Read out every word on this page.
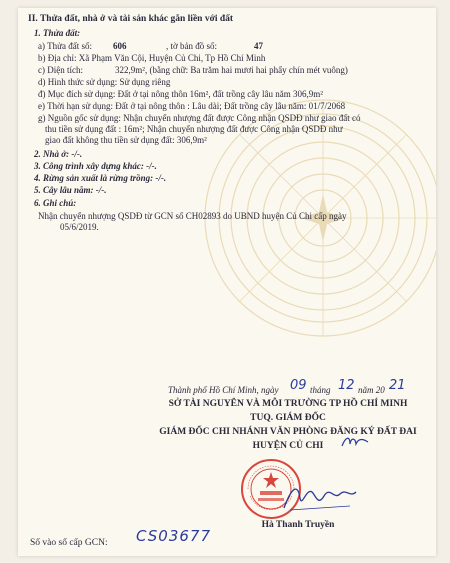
II. Thửa đất, nhà ở và tài sản khác gắn liền với đất
1. Thửa đất:
a) Thửa đất số: 606	, tờ bản đồ số:	47
b) Địa chỉ: Xã Phạm Văn Cội, Huyện Củ Chi, Tp Hồ Chí Minh
c) Diện tích:	322,9m², (bằng chữ: Ba trăm hai mươi hai phẩy chín mét vuông)
d) Hình thức sử dụng: Sử dụng riêng
đ) Mục đích sử dụng: Đất ở tại nông thôn 16m², đất trồng cây lâu năm 306,9m²
e) Thời hạn sử dụng: Đất ở tại nông thôn : Lâu dài; Đất trồng cây lâu năm: 01/7/2068
g) Nguồn gốc sử dụng: Nhận chuyển nhượng đất được Công nhận QSDĐ như giao đất có
thu tiền sử dụng đất : 16m²; Nhận chuyển nhượng đất được Công nhận QSDĐ như
giao đất không thu tiền sử dụng đất: 306,9m²
2. Nhà ở: -/-.
3. Công trình xây dựng khác: -/-.
4. Rừng sản xuất là rừng trồng: -/-.
5. Cây lâu năm: -/-.
6. Ghi chú:
Nhận chuyển nhượng QSDĐ từ GCN số CH02893 do UBND huyện Củ Chi cấp ngày
05/6/2019.
Thành phố Hồ Chí Minh, ngày 09 tháng 12 năm 20 21
SỞ TÀI NGUYÊN VÀ MÔI TRƯỜNG TP HỒ CHÍ MINH
TUQ. GIÁM ĐỐC
GIÁM ĐỐC CHI NHÁNH VĂN PHÒNG ĐĂNG KÝ ĐẤT ĐAI
HUYỆN CỦ CHI
Hà Thanh Truyền
Số vào sổ cấp GCN: CS03677
